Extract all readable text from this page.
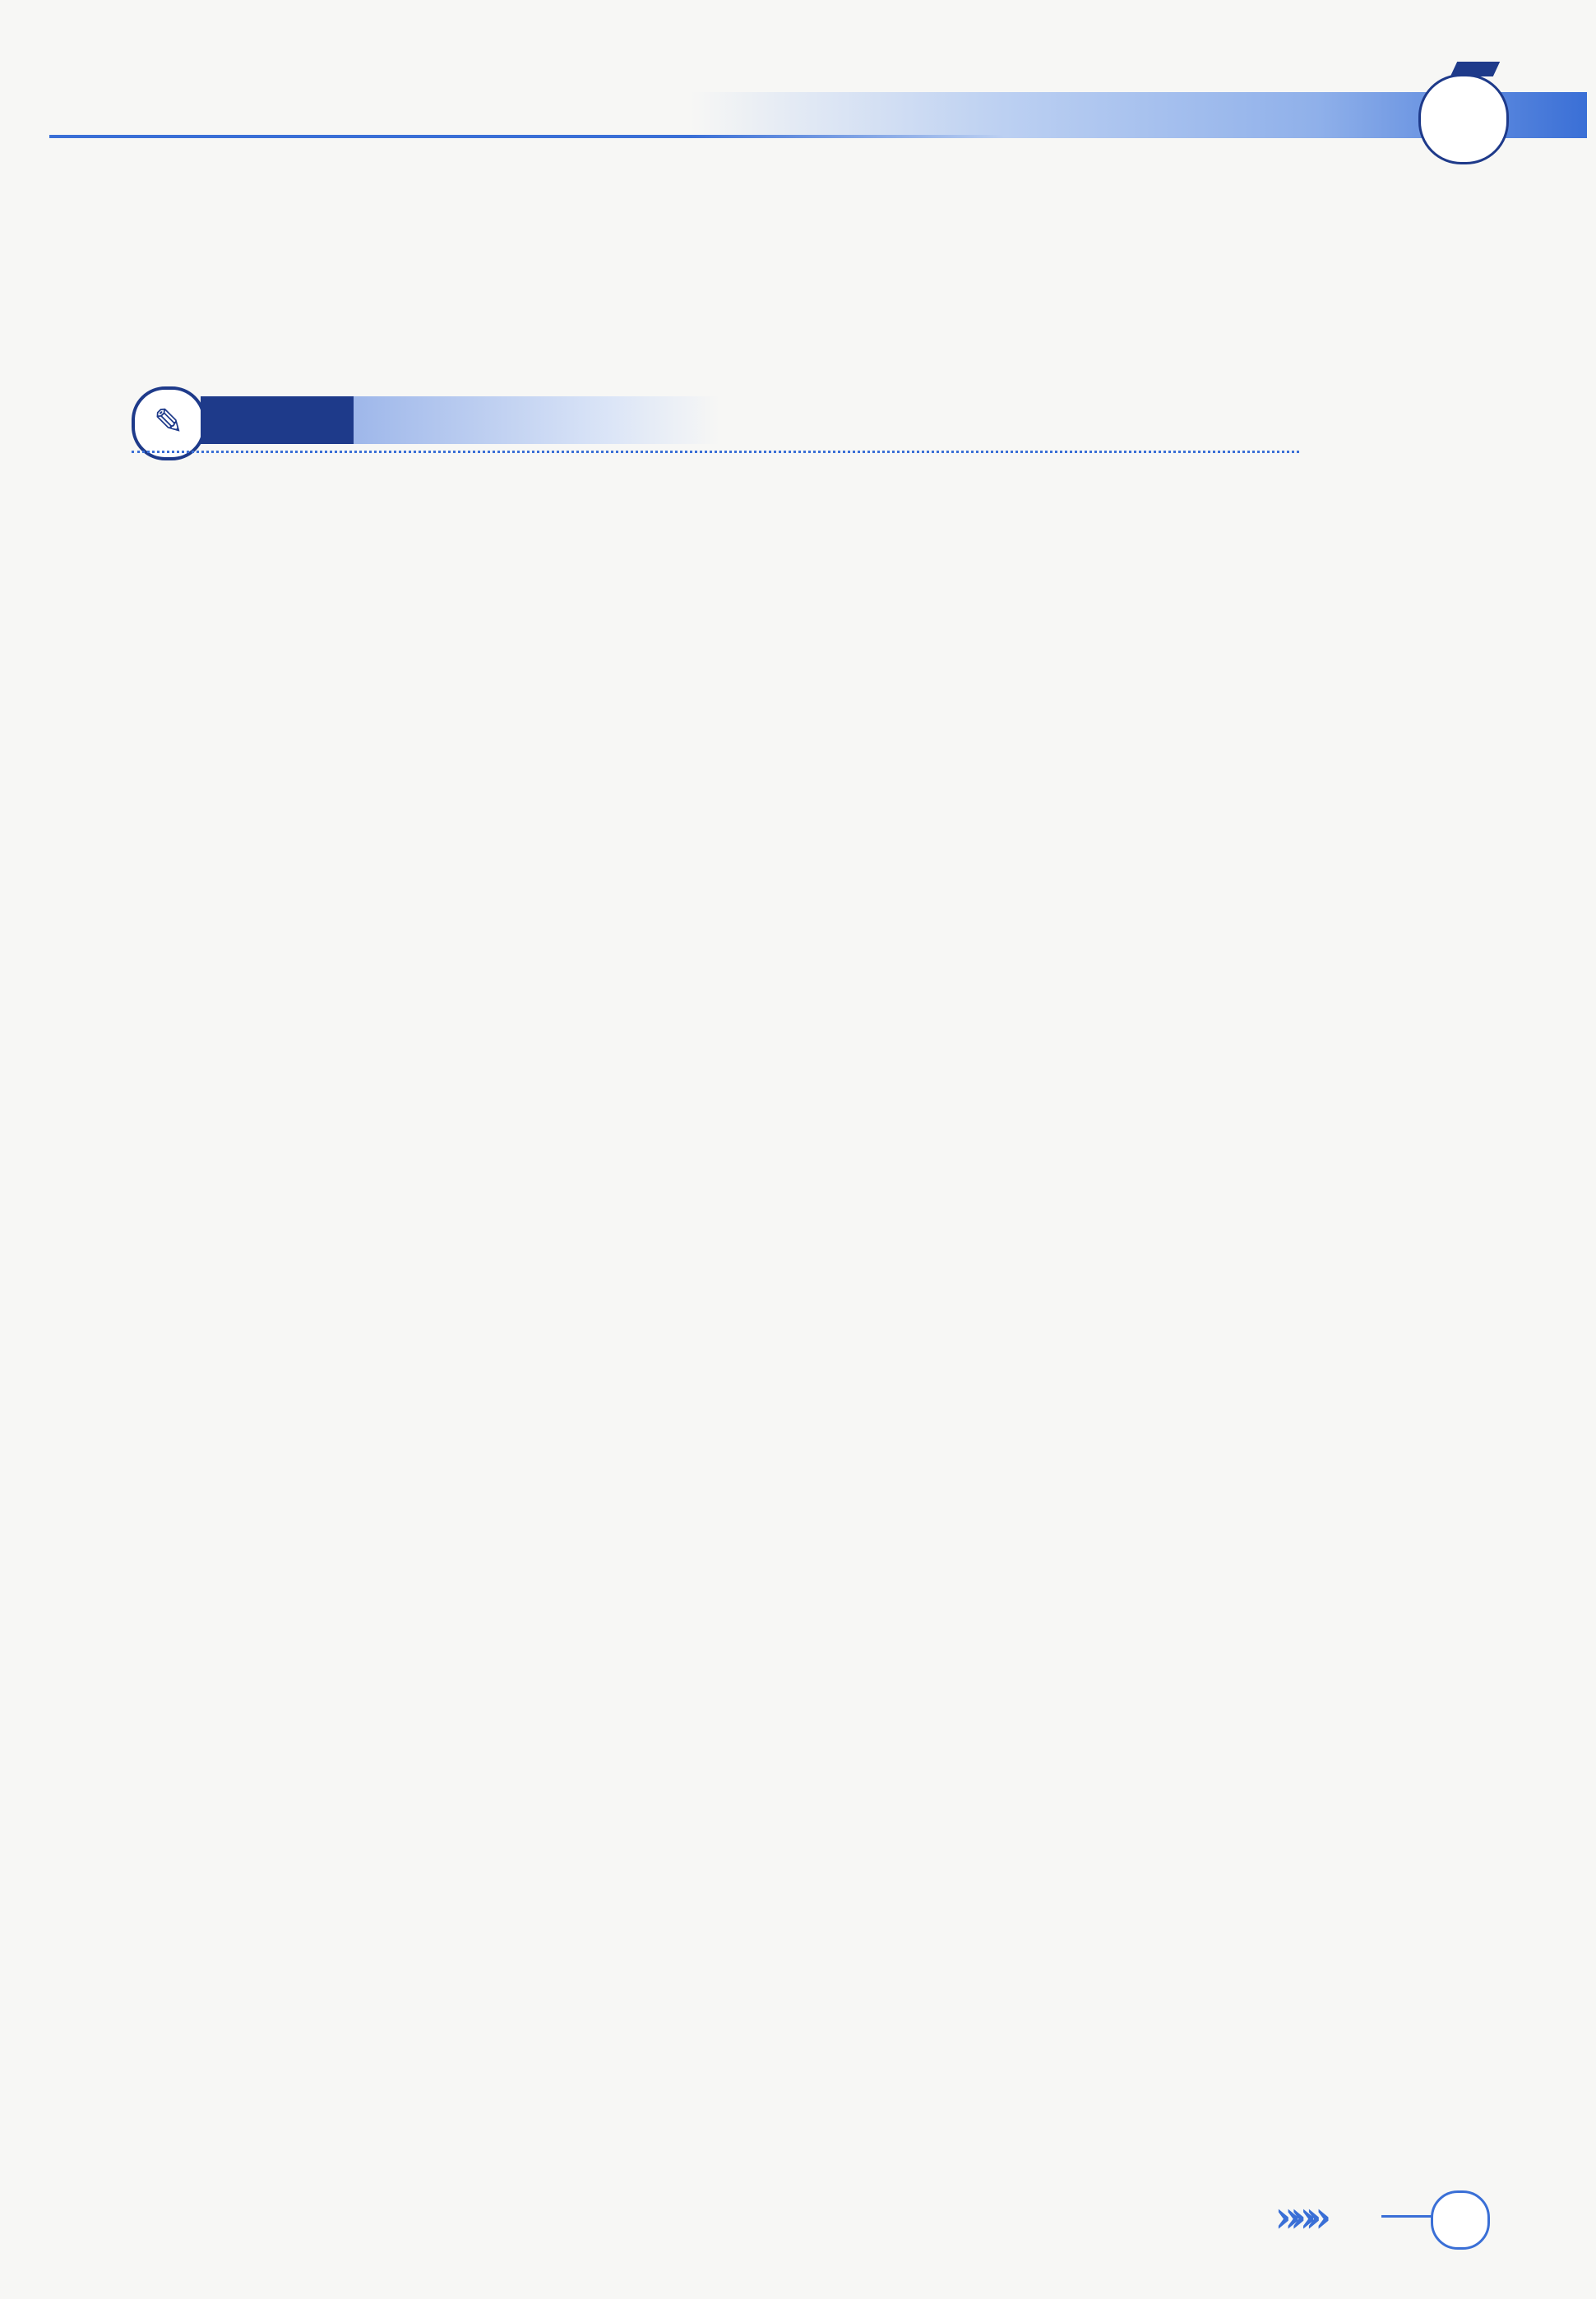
✎
»»»
